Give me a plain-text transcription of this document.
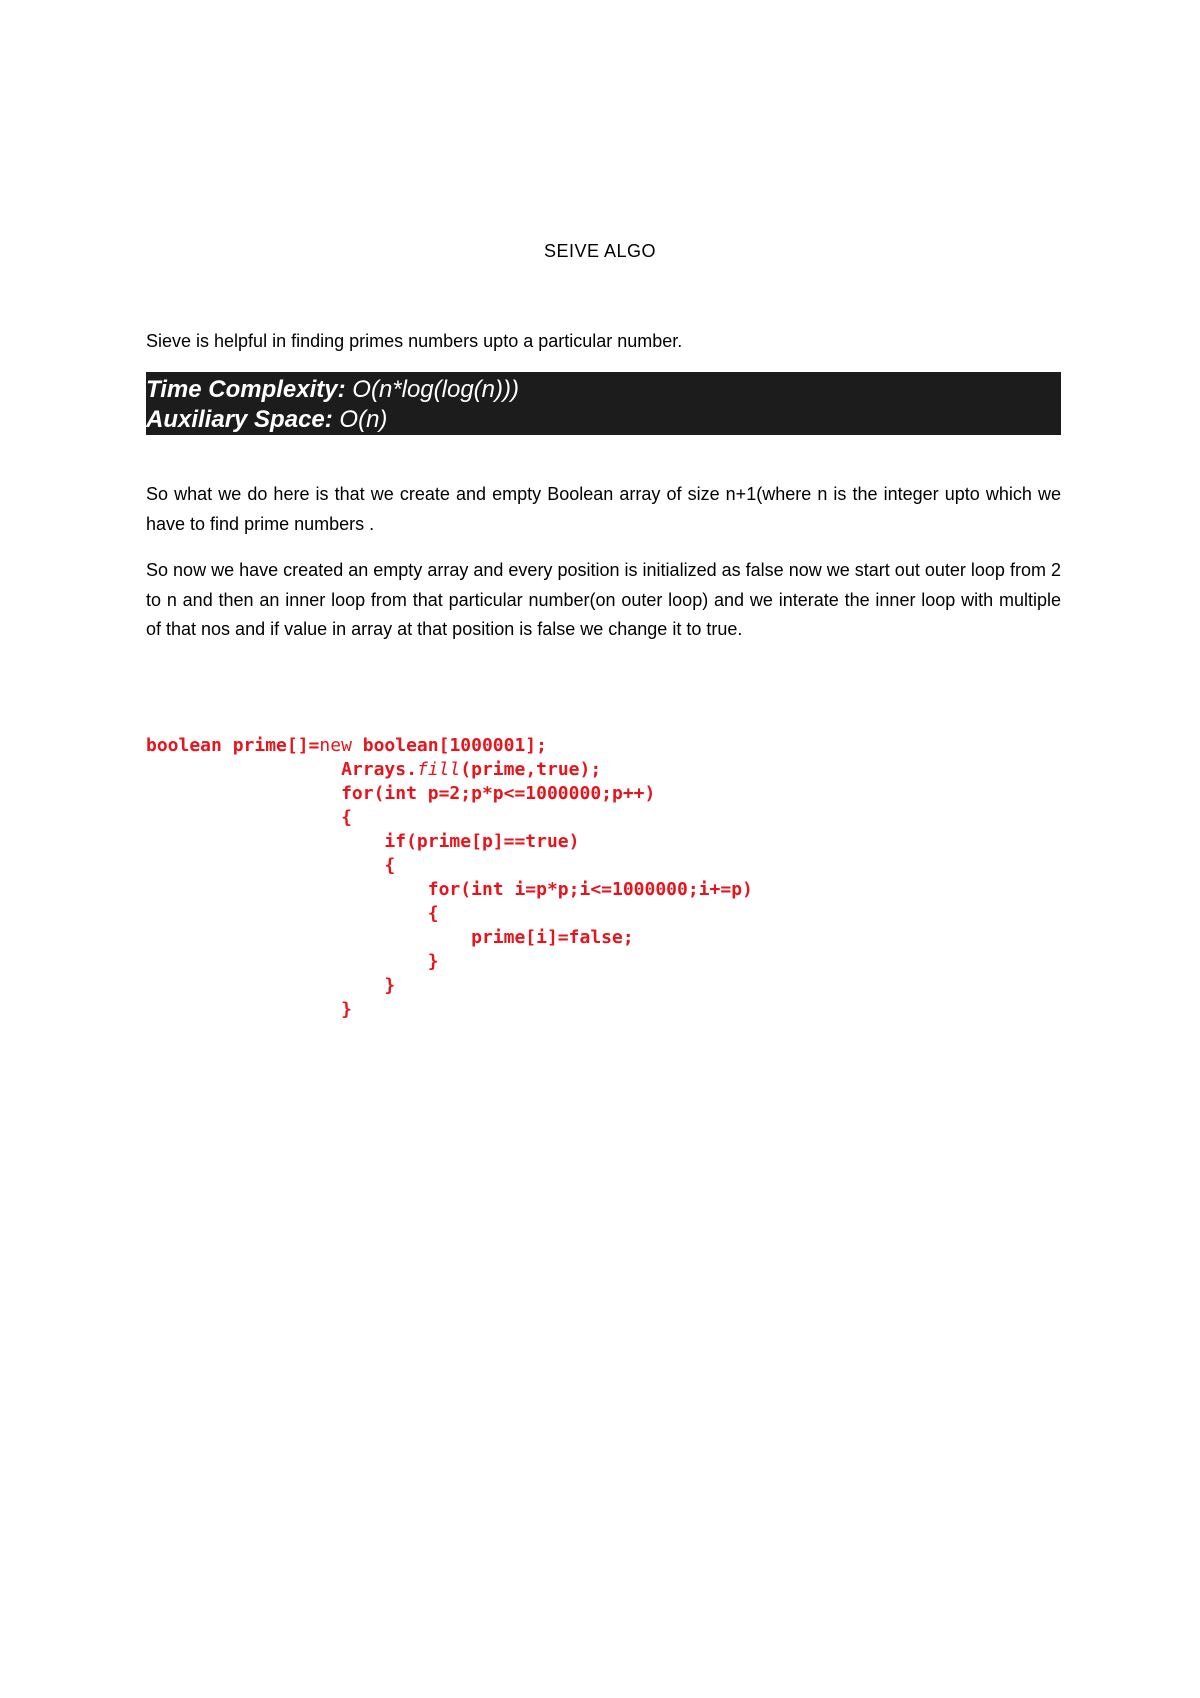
SEIVE ALGO
Sieve is helpful in finding primes numbers upto a particular number.
Time Complexity: O(n*log(log(n)))
Auxiliary Space: O(n)
So what we do here is that we create and empty Boolean array of size n+1(where n is the integer upto which we have to find prime numbers .
So now we have created an empty array and every position is initialized as false now we start out outer loop from 2 to n and then an inner loop from that particular number(on outer loop) and we interate the inner loop with multiple of that nos and if value in array at that position is false we change it to true.
boolean prime[]=new boolean[1000001];
Arrays.fill(prime,true);
for(int p=2;p*p<=1000000;p++)
{
if(prime[p]==true)
{
for(int i=p*p;i<=1000000;i+=p)
{
prime[i]=false;
}
}
}
